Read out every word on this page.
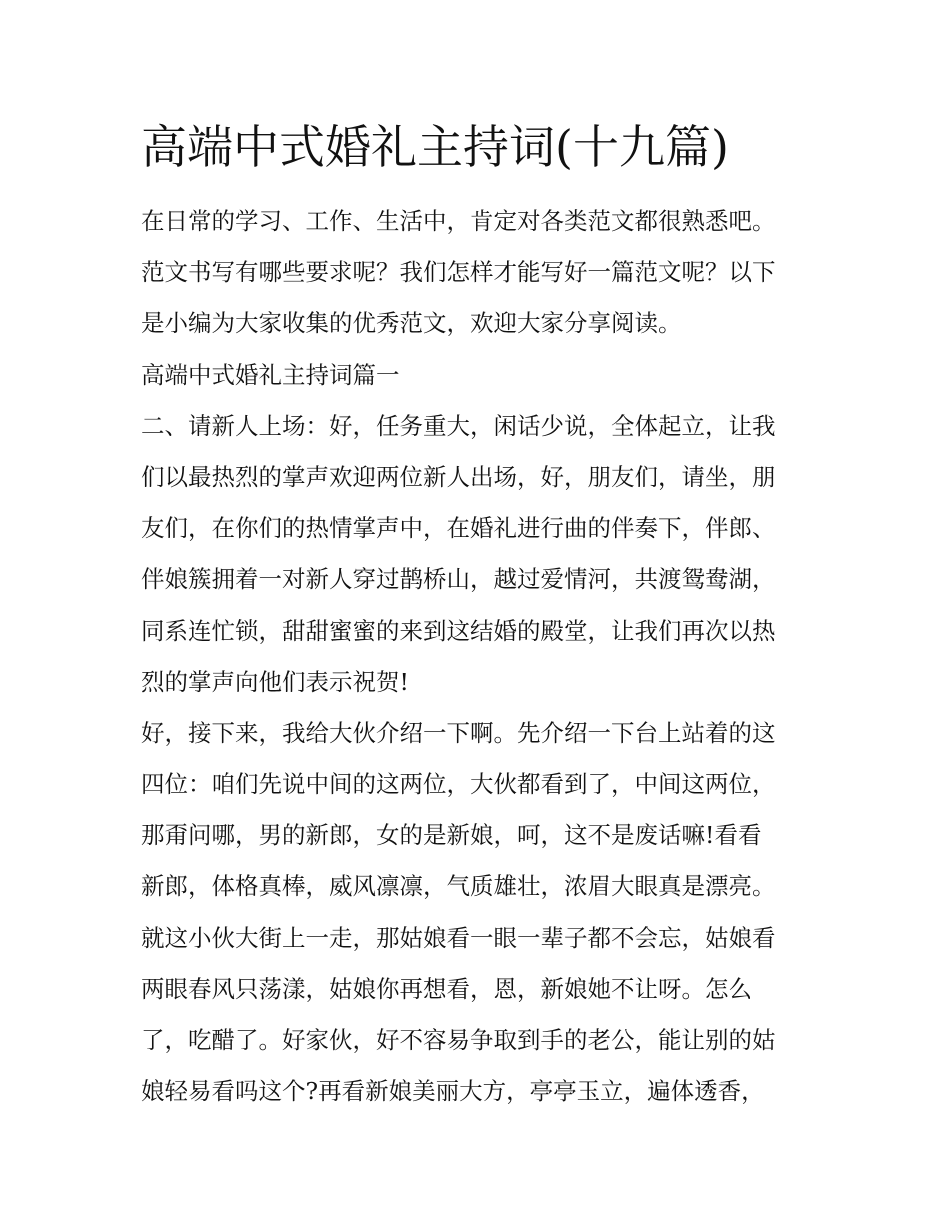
高端中式婚礼主持词(十九篇)
在日常的学习、工作、生活中，肯定对各类范文都很熟悉吧。
范文书写有哪些要求呢？我们怎样才能写好一篇范文呢？以下
是小编为大家收集的优秀范文，欢迎大家分享阅读。
高端中式婚礼主持词篇一
二、请新人上场：好，任务重大，闲话少说，全体起立，让我
们以最热烈的掌声欢迎两位新人出场，好，朋友们，请坐，朋
友们，在你们的热情掌声中，在婚礼进行曲的伴奏下，伴郎、
伴娘簇拥着一对新人穿过鹊桥山，越过爱情河，共渡鸳鸯湖，
同系连忙锁，甜甜蜜蜜的来到这结婚的殿堂，让我们再次以热
烈的掌声向他们表示祝贺!
好，接下来，我给大伙介绍一下啊。先介绍一下台上站着的这
四位：咱们先说中间的这两位，大伙都看到了，中间这两位，
那甭问哪，男的新郎，女的是新娘，呵，这不是废话嘛!看看
新郎，体格真棒，威风凛凛，气质雄壮，浓眉大眼真是漂亮。
就这小伙大街上一走，那姑娘看一眼一辈子都不会忘，姑娘看
两眼春风只荡漾，姑娘你再想看，恩，新娘她不让呀。怎么
了，吃醋了。好家伙，好不容易争取到手的老公，能让别的姑
娘轻易看吗这个?再看新娘美丽大方，亭亭玉立，遍体透香，
